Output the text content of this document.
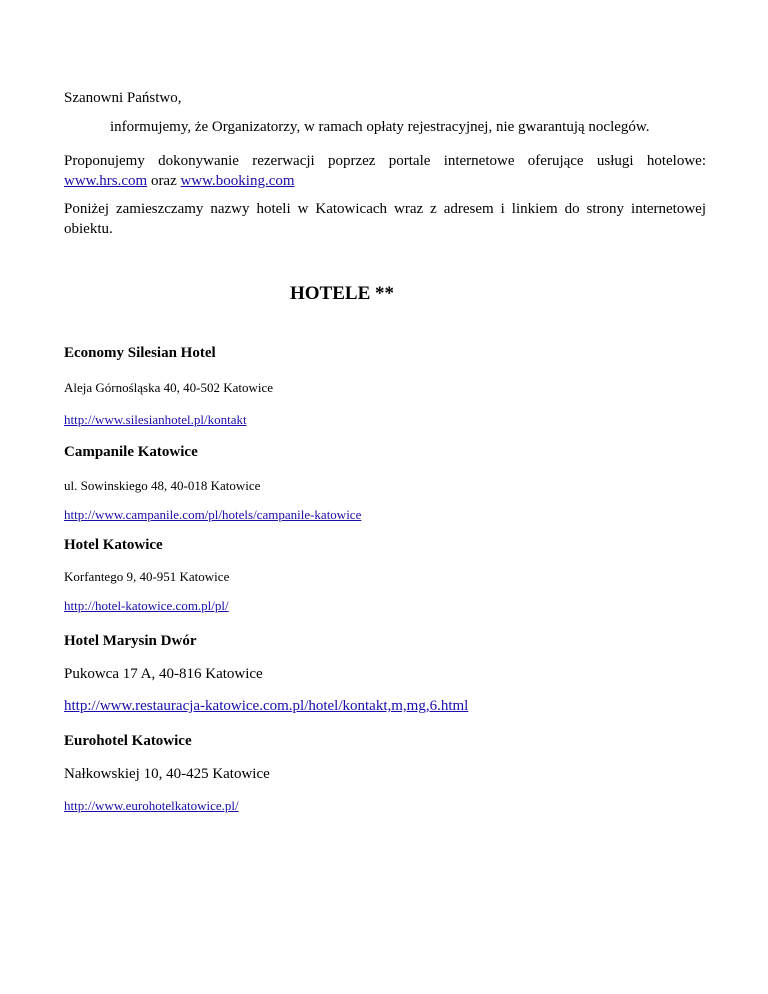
Szanowni Państwo,

informujemy, że Organizatorzy, w ramach opłaty rejestracyjnej, nie gwarantują noclegów.

Proponujemy dokonywanie rezerwacji poprzez portale internetowe oferujące usługi hotelowe: www.hrs.com oraz www.booking.com

Poniżej zamieszczamy nazwy hoteli w Katowicach wraz z adresem i linkiem do strony internetowej obiektu.

HOTELE **

Economy Silesian Hotel

Aleja Górnośląska 40, 40-502 Katowice

http://www.silesianhotel.pl/kontakt

Campanile Katowice

ul. Sowinskiego 48, 40-018 Katowice

http://www.campanile.com/pl/hotels/campanile-katowice

Hotel Katowice

Korfantego 9, 40-951 Katowice

http://hotel-katowice.com.pl/pl/

Hotel Marysin Dwór

Pukowca 17 A, 40-816 Katowice

http://www.restauracja-katowice.com.pl/hotel/kontakt,m,mg,6.html

Eurohotel Katowice

Nałkowskiej 10, 40-425 Katowice

http://www.eurohotelkatowice.pl/
